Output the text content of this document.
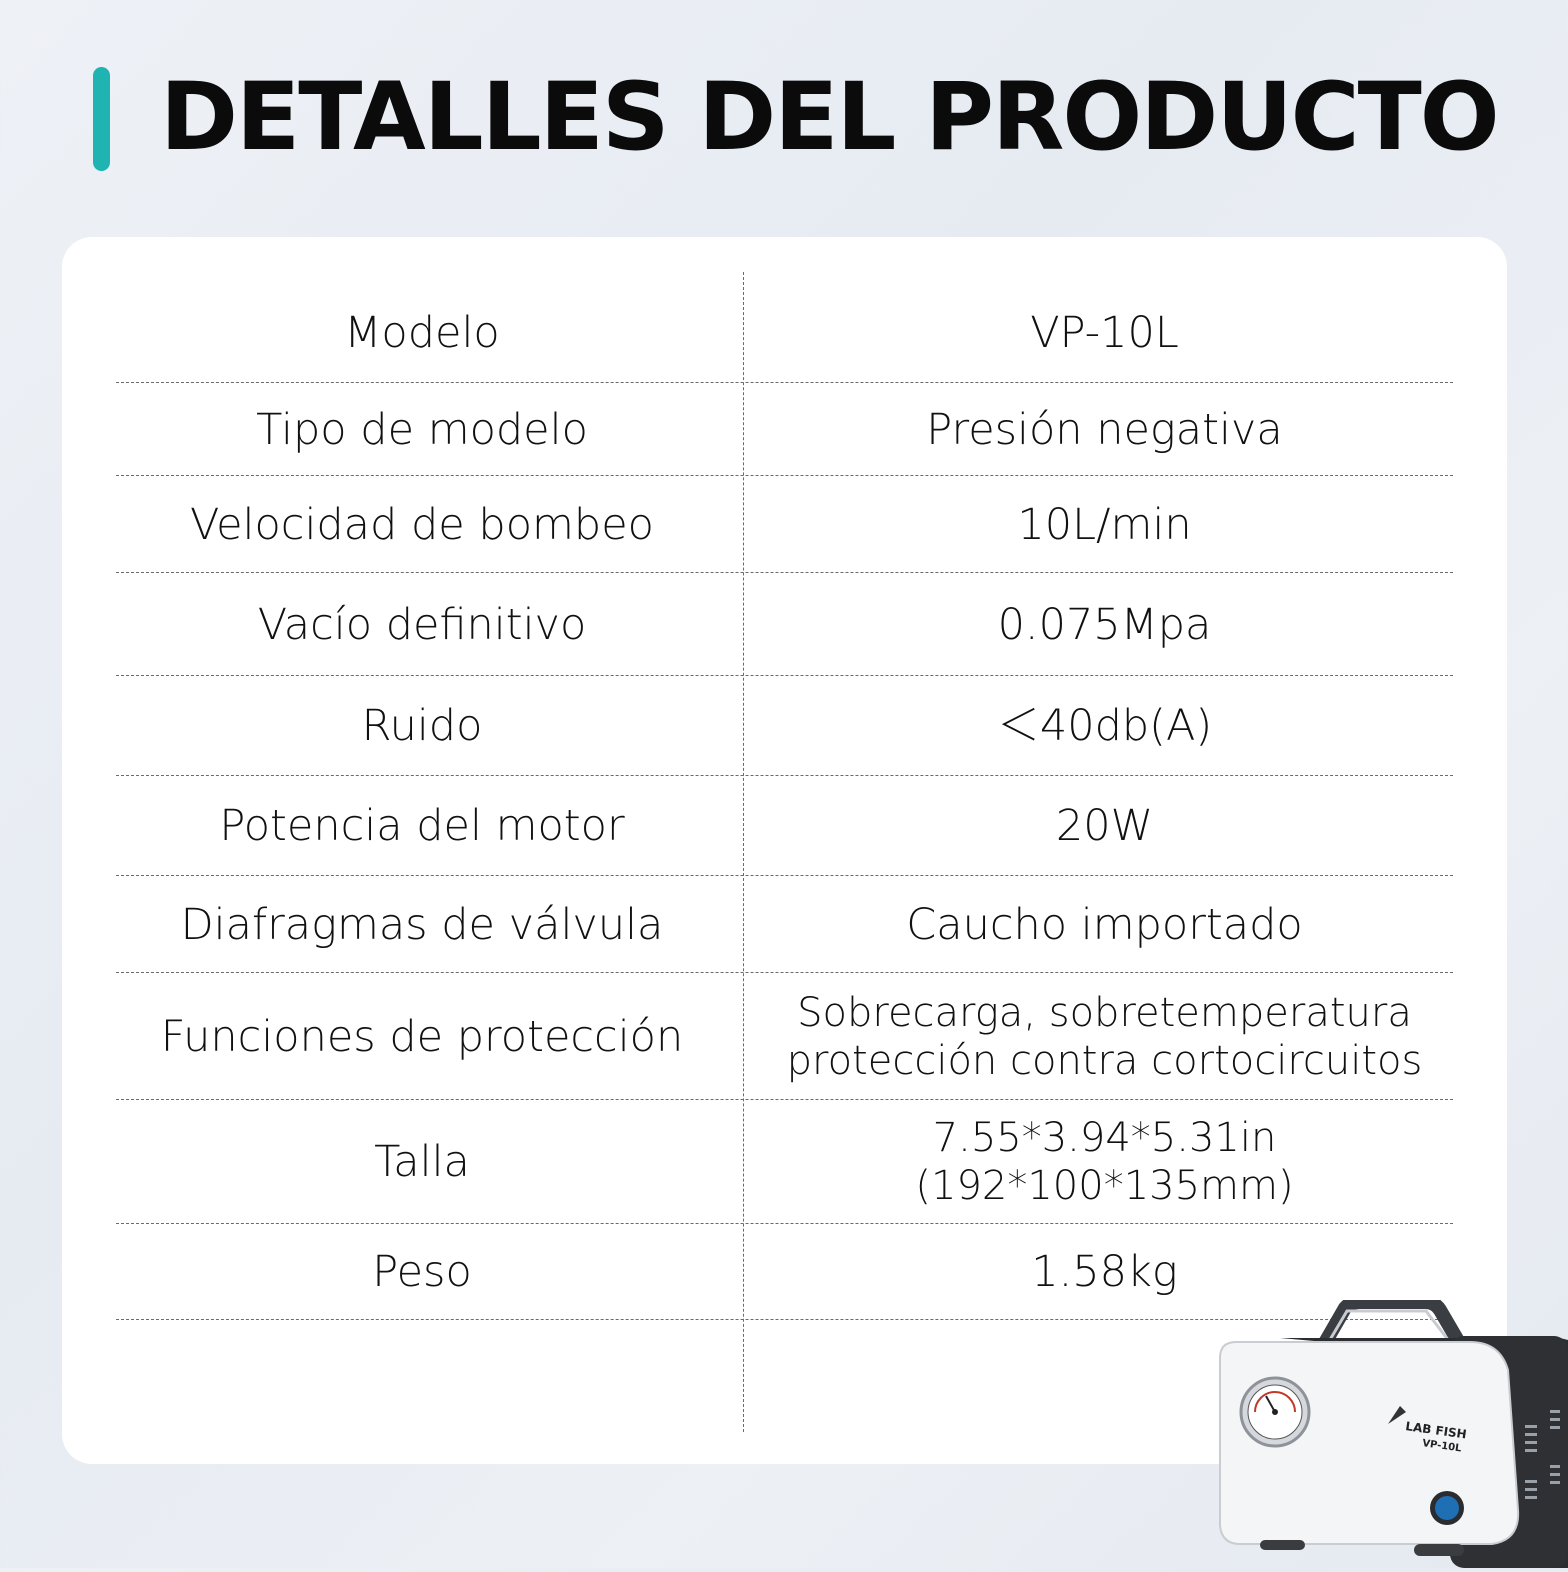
DETALLES DEL PRODUCTO
Modelo	VP-10L
Tipo de modelo	Presión negativa
Velocidad de bombeo	10L/min
Vacío definitivo	0.075Mpa
Ruido	＜40db(A)
Potencia del motor	20W
Diafragmas de válvula	Caucho importado
Funciones de protección	Sobrecarga, sobretemperatura
protección contra cortocircuitos
Talla	7.55*3.94*5.31in
(192*100*135mm)
Peso	1.58kg
LAB FISH
VP-10L
